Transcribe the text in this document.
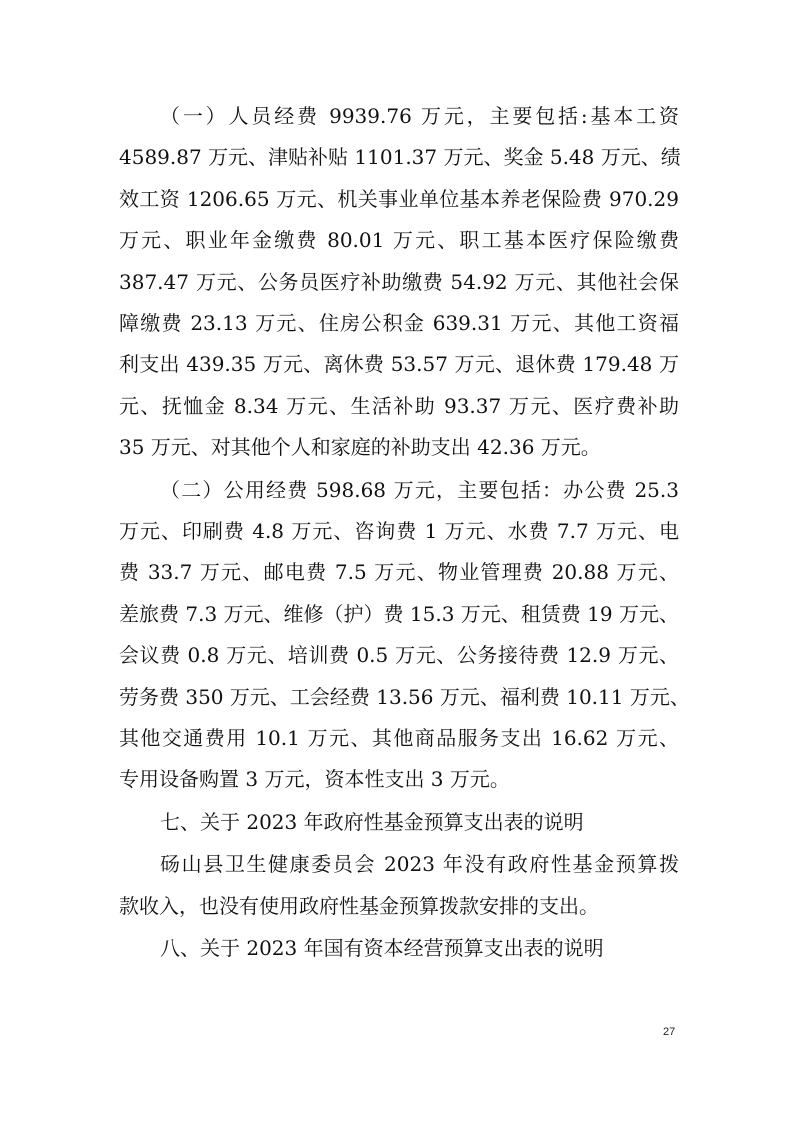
（一）人员经费 9939.76 万元，主要包括:基本工资
4589.87 万元、津贴补贴 1101.37 万元、奖金 5.48 万元、绩
效工资 1206.65 万元、机关事业单位基本养老保险费 970.29
万元、职业年金缴费 80.01 万元、职工基本医疗保险缴费
387.47 万元、公务员医疗补助缴费 54.92 万元、其他社会保
障缴费 23.13 万元、住房公积金 639.31 万元、其他工资福
利支出 439.35 万元、离休费 53.57 万元、退休费 179.48 万
元、抚恤金 8.34 万元、生活补助 93.37 万元、医疗费补助
35 万元、对其他个人和家庭的补助支出 42.36 万元。
（二）公用经费 598.68 万元，主要包括：办公费 25.3
万元、印刷费 4.8 万元、咨询费 1 万元、水费 7.7 万元、电
费 33.7 万元、邮电费 7.5 万元、物业管理费 20.88 万元、
差旅费 7.3 万元、维修（护）费 15.3 万元、租赁费 19 万元、
会议费 0.8 万元、培训费 0.5 万元、公务接待费 12.9 万元、
劳务费 350 万元、工会经费 13.56 万元、福利费 10.11 万元、
其他交通费用 10.1 万元、其他商品服务支出 16.62 万元、
专用设备购置 3 万元，资本性支出 3 万元。
七、关于 2023 年政府性基金预算支出表的说明
砀山县卫生健康委员会 2023 年没有政府性基金预算拨
款收入，也没有使用政府性基金预算拨款安排的支出。
八、关于 2023 年国有资本经营预算支出表的说明
27
